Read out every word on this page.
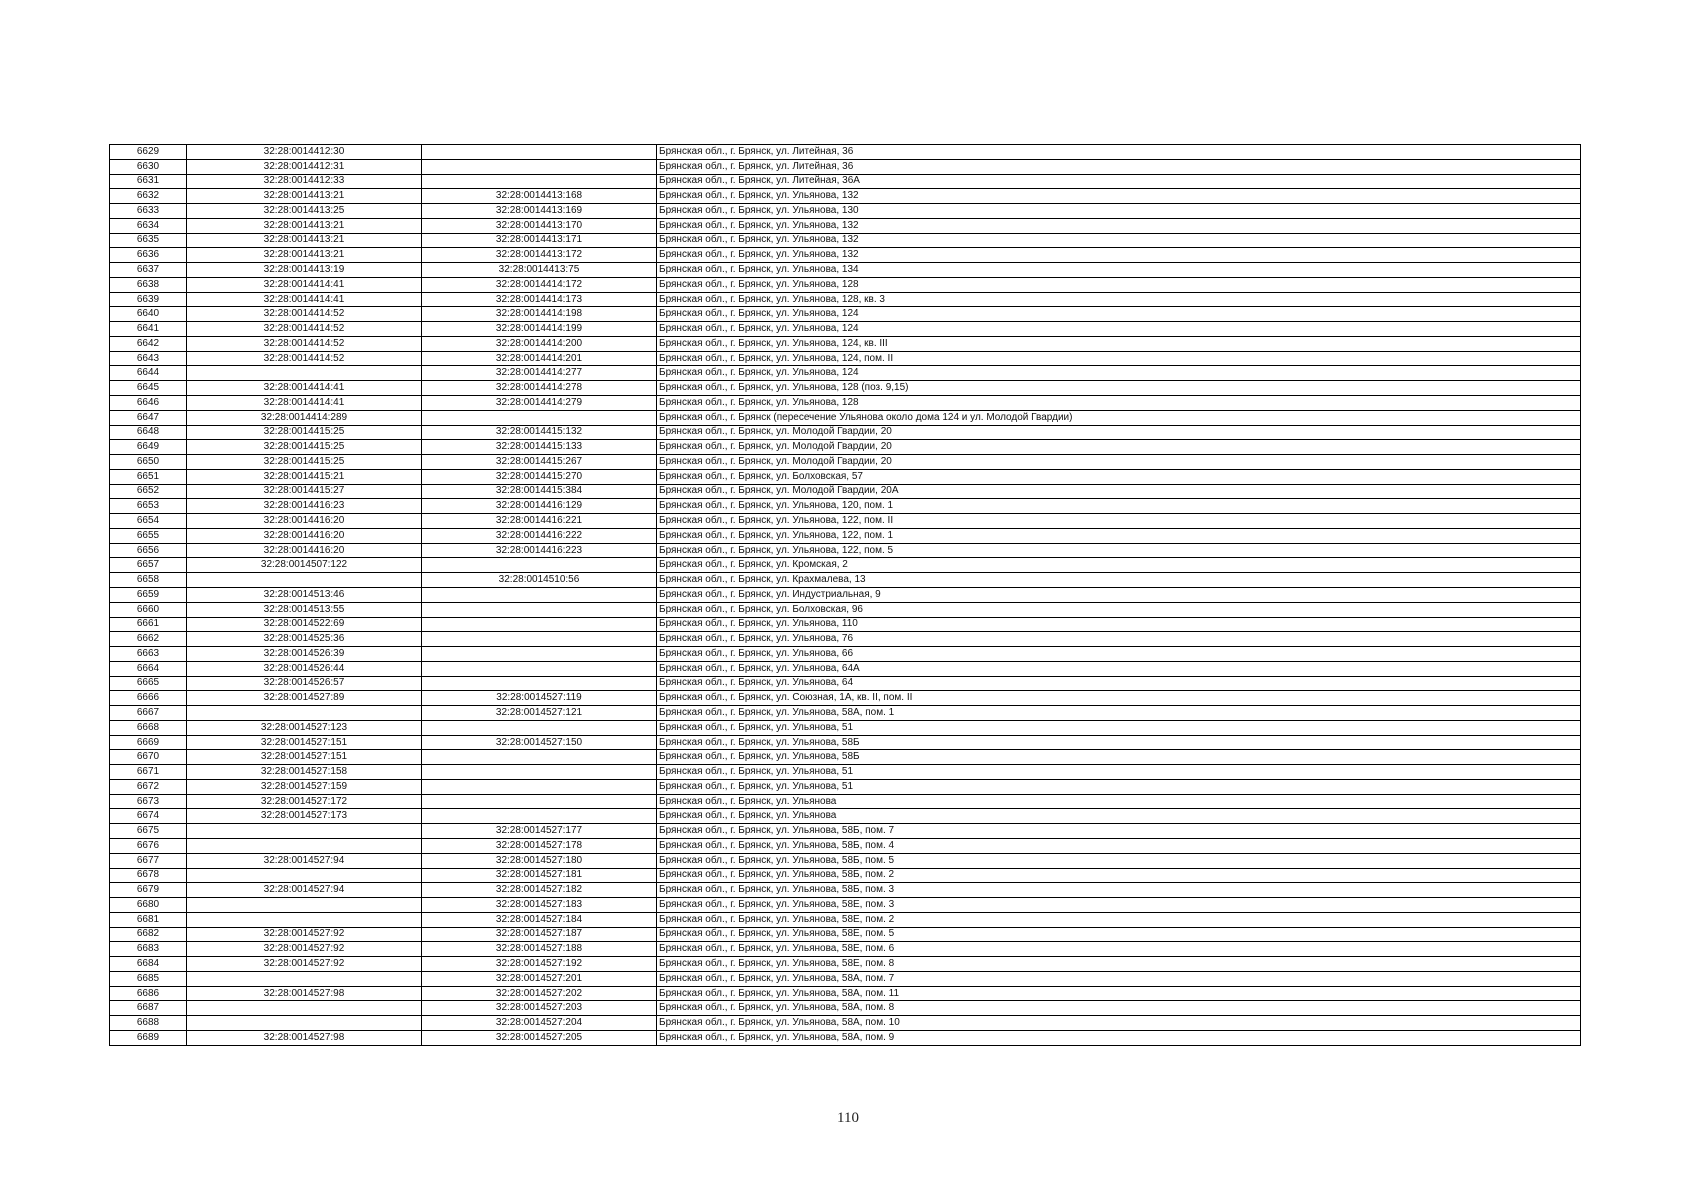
6629	32:28:0014412:30		Брянская обл., г. Брянск, ул. Литейная, 36
6630	32:28:0014412:31		Брянская обл., г. Брянск, ул. Литейная, 36
6631	32:28:0014412:33		Брянская обл., г. Брянск, ул. Литейная, 36А
6632	32:28:0014413:21	32:28:0014413:168	Брянская обл., г. Брянск, ул. Ульянова, 132
6633	32:28:0014413:25	32:28:0014413:169	Брянская обл., г. Брянск, ул. Ульянова, 130
6634	32:28:0014413:21	32:28:0014413:170	Брянская обл., г. Брянск, ул. Ульянова, 132
6635	32:28:0014413:21	32:28:0014413:171	Брянская обл., г. Брянск, ул. Ульянова, 132
6636	32:28:0014413:21	32:28:0014413:172	Брянская обл., г. Брянск, ул. Ульянова, 132
6637	32:28:0014413:19	32:28:0014413:75	Брянская обл., г. Брянск, ул. Ульянова, 134
6638	32:28:0014414:41	32:28:0014414:172	Брянская обл., г. Брянск, ул. Ульянова, 128
6639	32:28:0014414:41	32:28:0014414:173	Брянская обл., г. Брянск, ул. Ульянова, 128, кв. 3
6640	32:28:0014414:52	32:28:0014414:198	Брянская обл., г. Брянск, ул. Ульянова, 124
6641	32:28:0014414:52	32:28:0014414:199	Брянская обл., г. Брянск, ул. Ульянова, 124
6642	32:28:0014414:52	32:28:0014414:200	Брянская обл., г. Брянск, ул. Ульянова, 124, кв. III
6643	32:28:0014414:52	32:28:0014414:201	Брянская обл., г. Брянск, ул. Ульянова, 124, пом. II
6644		32:28:0014414:277	Брянская обл., г. Брянск, ул. Ульянова, 124
6645	32:28:0014414:41	32:28:0014414:278	Брянская обл., г. Брянск, ул. Ульянова, 128 (поз. 9,15)
6646	32:28:0014414:41	32:28:0014414:279	Брянская обл., г. Брянск, ул. Ульянова, 128
6647	32:28:0014414:289		Брянская обл., г. Брянск (пересечение Ульянова около дома 124 и ул. Молодой Гвардии)
6648	32:28:0014415:25	32:28:0014415:132	Брянская обл., г. Брянск, ул. Молодой Гвардии, 20
6649	32:28:0014415:25	32:28:0014415:133	Брянская обл., г. Брянск, ул. Молодой Гвардии, 20
6650	32:28:0014415:25	32:28:0014415:267	Брянская обл., г. Брянск, ул. Молодой Гвардии, 20
6651	32:28:0014415:21	32:28:0014415:270	Брянская обл., г. Брянск, ул. Болховская, 57
6652	32:28:0014415:27	32:28:0014415:384	Брянская обл., г. Брянск, ул. Молодой Гвардии, 20А
6653	32:28:0014416:23	32:28:0014416:129	Брянская обл., г. Брянск, ул. Ульянова, 120, пом. 1
6654	32:28:0014416:20	32:28:0014416:221	Брянская обл., г. Брянск, ул. Ульянова, 122, пом. II
6655	32:28:0014416:20	32:28:0014416:222	Брянская обл., г. Брянск, ул. Ульянова, 122, пом. 1
6656	32:28:0014416:20	32:28:0014416:223	Брянская обл., г. Брянск, ул. Ульянова, 122, пом. 5
6657	32:28:0014507:122		Брянская обл., г. Брянск, ул. Кромская, 2
6658		32:28:0014510:56	Брянская обл., г. Брянск, ул. Крахмалева, 13
6659	32:28:0014513:46		Брянская обл., г. Брянск, ул. Индустриальная, 9
6660	32:28:0014513:55		Брянская обл., г. Брянск, ул. Болховская, 96
6661	32:28:0014522:69		Брянская обл., г. Брянск, ул. Ульянова, 110
6662	32:28:0014525:36		Брянская обл., г. Брянск, ул. Ульянова, 76
6663	32:28:0014526:39		Брянская обл., г. Брянск, ул. Ульянова, 66
6664	32:28:0014526:44		Брянская обл., г. Брянск, ул. Ульянова, 64А
6665	32:28:0014526:57		Брянская обл., г. Брянск, ул. Ульянова, 64
6666	32:28:0014527:89	32:28:0014527:119	Брянская обл., г. Брянск, ул. Союзная, 1А, кв. II, пом. II
6667		32:28:0014527:121	Брянская обл., г. Брянск, ул. Ульянова, 58А, пом. 1
6668	32:28:0014527:123		Брянская обл., г. Брянск, ул. Ульянова, 51
6669	32:28:0014527:151	32:28:0014527:150	Брянская обл., г. Брянск, ул. Ульянова, 58Б
6670	32:28:0014527:151		Брянская обл., г. Брянск, ул. Ульянова, 58Б
6671	32:28:0014527:158		Брянская обл., г. Брянск, ул. Ульянова, 51
6672	32:28:0014527:159		Брянская обл., г. Брянск, ул. Ульянова, 51
6673	32:28:0014527:172		Брянская обл., г. Брянск, ул. Ульянова
6674	32:28:0014527:173		Брянская обл., г. Брянск, ул. Ульянова
6675		32:28:0014527:177	Брянская обл., г. Брянск, ул. Ульянова, 58Б, пом. 7
6676		32:28:0014527:178	Брянская обл., г. Брянск, ул. Ульянова, 58Б, пом. 4
6677	32:28:0014527:94	32:28:0014527:180	Брянская обл., г. Брянск, ул. Ульянова, 58Б, пом. 5
6678		32:28:0014527:181	Брянская обл., г. Брянск, ул. Ульянова, 58Б, пом. 2
6679	32:28:0014527:94	32:28:0014527:182	Брянская обл., г. Брянск, ул. Ульянова, 58Б, пом. 3
6680		32:28:0014527:183	Брянская обл., г. Брянск, ул. Ульянова, 58Е, пом. 3
6681		32:28:0014527:184	Брянская обл., г. Брянск, ул. Ульянова, 58Е, пом. 2
6682	32:28:0014527:92	32:28:0014527:187	Брянская обл., г. Брянск, ул. Ульянова, 58Е, пом. 5
6683	32:28:0014527:92	32:28:0014527:188	Брянская обл., г. Брянск, ул. Ульянова, 58Е, пом. 6
6684	32:28:0014527:92	32:28:0014527:192	Брянская обл., г. Брянск, ул. Ульянова, 58Е, пом. 8
6685		32:28:0014527:201	Брянская обл., г. Брянск, ул. Ульянова, 58А, пом. 7
6686	32:28:0014527:98	32:28:0014527:202	Брянская обл., г. Брянск, ул. Ульянова, 58А, пом. 11
6687		32:28:0014527:203	Брянская обл., г. Брянск, ул. Ульянова, 58А, пом. 8
6688		32:28:0014527:204	Брянская обл., г. Брянск, ул. Ульянова, 58А, пом. 10
6689	32:28:0014527:98	32:28:0014527:205	Брянская обл., г. Брянск, ул. Ульянова, 58А, пом. 9
110
